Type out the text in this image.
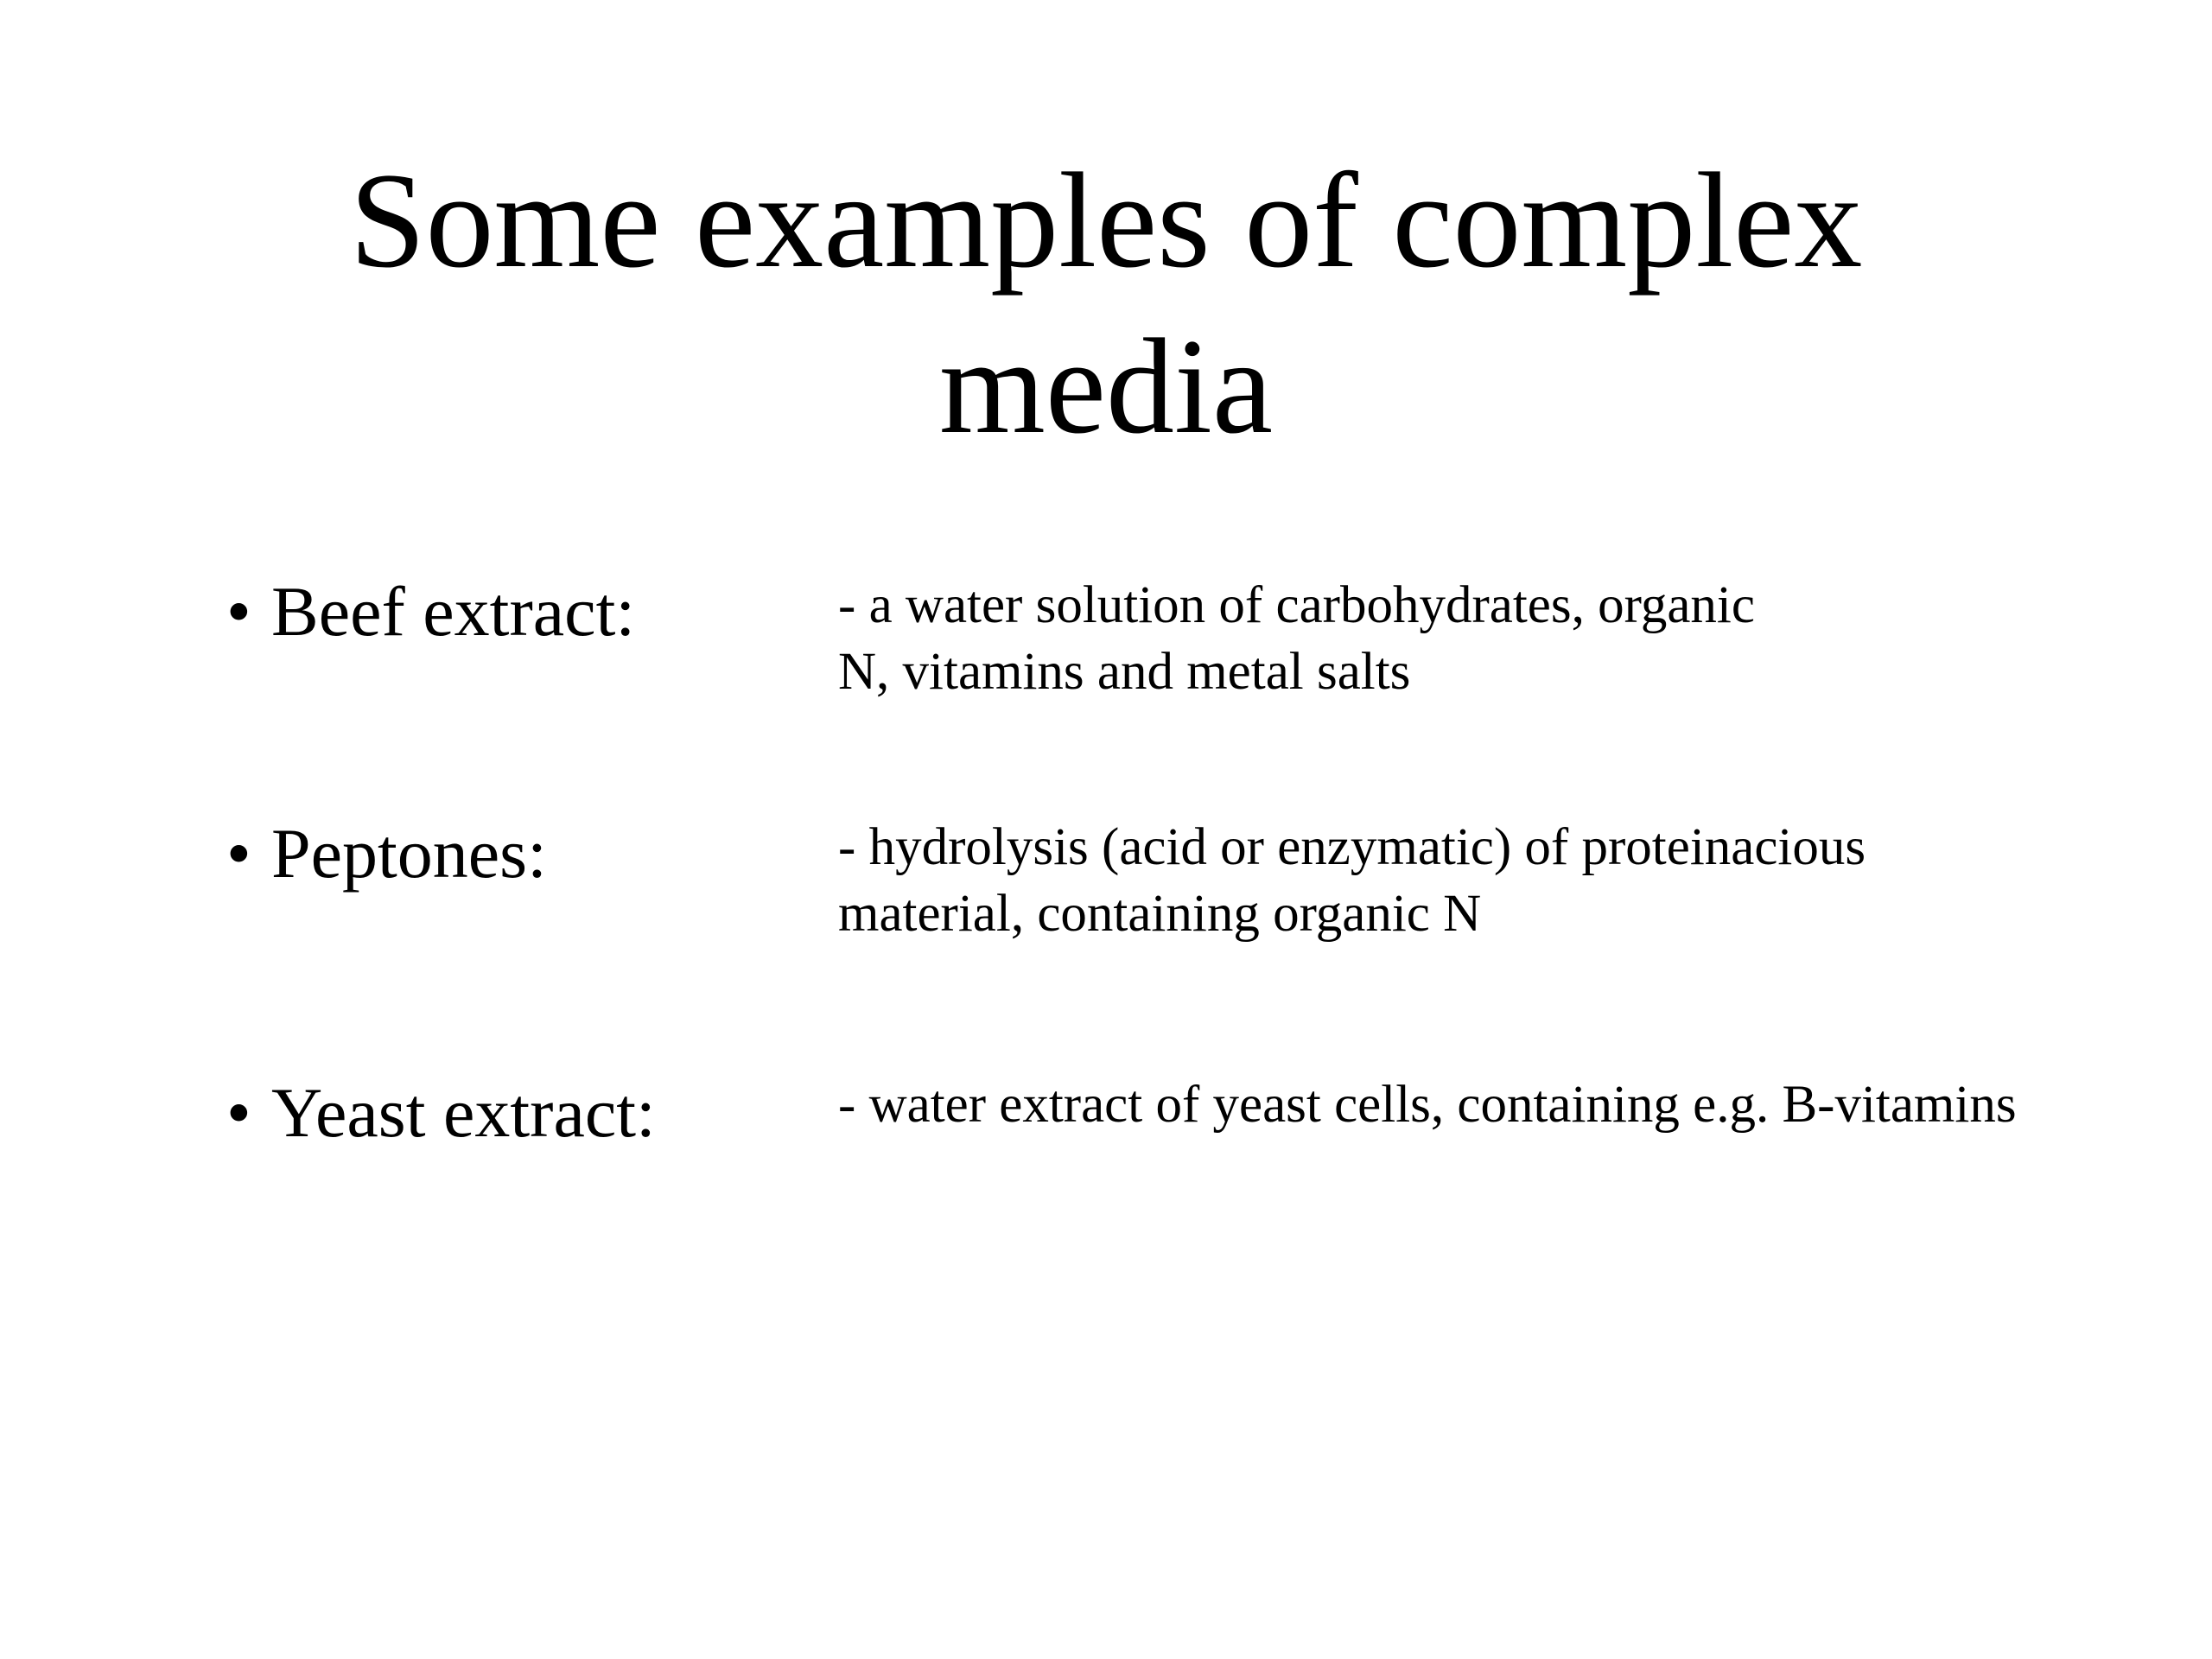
Some examples of complex
media
• Beef extract:	- a water solution of carbohydrates, organic
N, vitamins and metal salts
• Peptones:	- hydrolysis (acid or enzymatic) of proteinacious
material, containing organic N
• Yeast extract:	- water extract of yeast cells, containing e.g. B-vitamins
